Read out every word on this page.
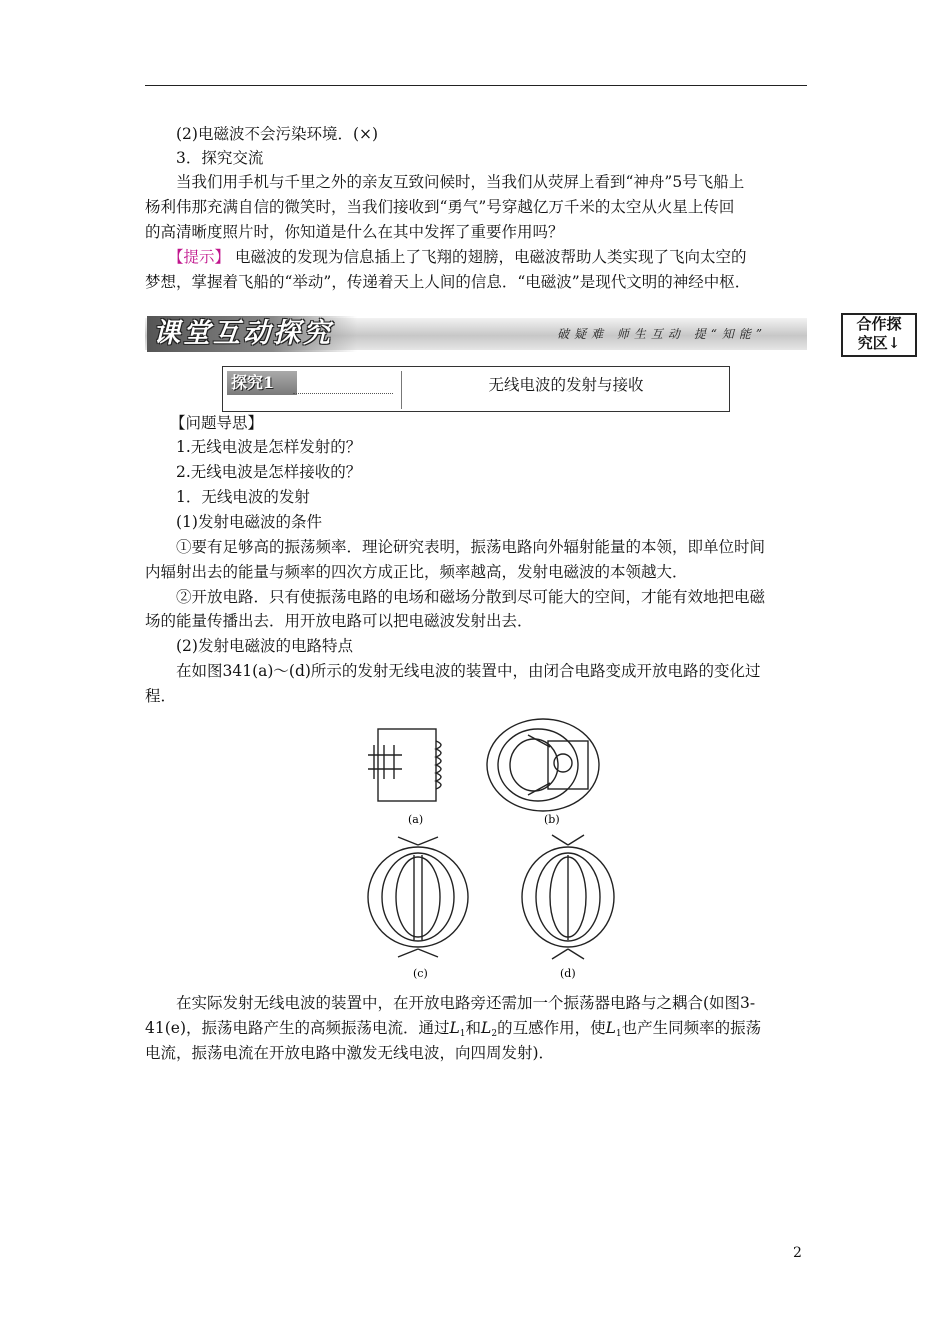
(2)电磁波不会污染环境．(×)
3．探究交流
当我们用手机与千里之外的亲友互致问候时，当我们从荧屏上看到“神舟”5号飞船上
杨利伟那充满自信的微笑时，当我们接收到“勇气”号穿越亿万千米的太空从火星上传回
的高清晰度照片时，你知道是什么在其中发挥了重要作用吗？
【提示】 电磁波的发现为信息插上了飞翔的翅膀，电磁波帮助人类实现了飞向太空的
梦想，掌握着飞船的“举动”，传递着天上人间的信息．“电磁波”是现代文明的神经中枢．
课堂互动探究	破疑难 师生互动 提“知能”
合作探
究区↓
探究1	无线电波的发射与接收
【问题导思】
1.无线电波是怎样发射的？
2.无线电波是怎样接收的？
1．无线电波的发射
(1)发射电磁波的条件
①要有足够高的振荡频率．理论研究表明，振荡电路向外辐射能量的本领，即单位时间
内辐射出去的能量与频率的四次方成正比，频率越高，发射电磁波的本领越大．
②开放电路．只有使振荡电路的电场和磁场分散到尽可能大的空间，才能有效地把电磁
场的能量传播出去．用开放电路可以把电磁波发射出去．
(2)发射电磁波的电路特点
在如图341(a)～(d)所示的发射无线电波的装置中，由闭合电路变成开放电路的变化过
程．
(a)	(b)
(c)	(d)
在实际发射无线电波的装置中，在开放电路旁还需加一个振荡器电路与之耦合(如图3-
41(e)，振荡电路产生的高频振荡电流．通过$L_1$和$L_2$的互感作用，使$L_1$也产生同频率的振荡
电流，振荡电流在开放电路中激发无线电波，向四周发射)．
2
